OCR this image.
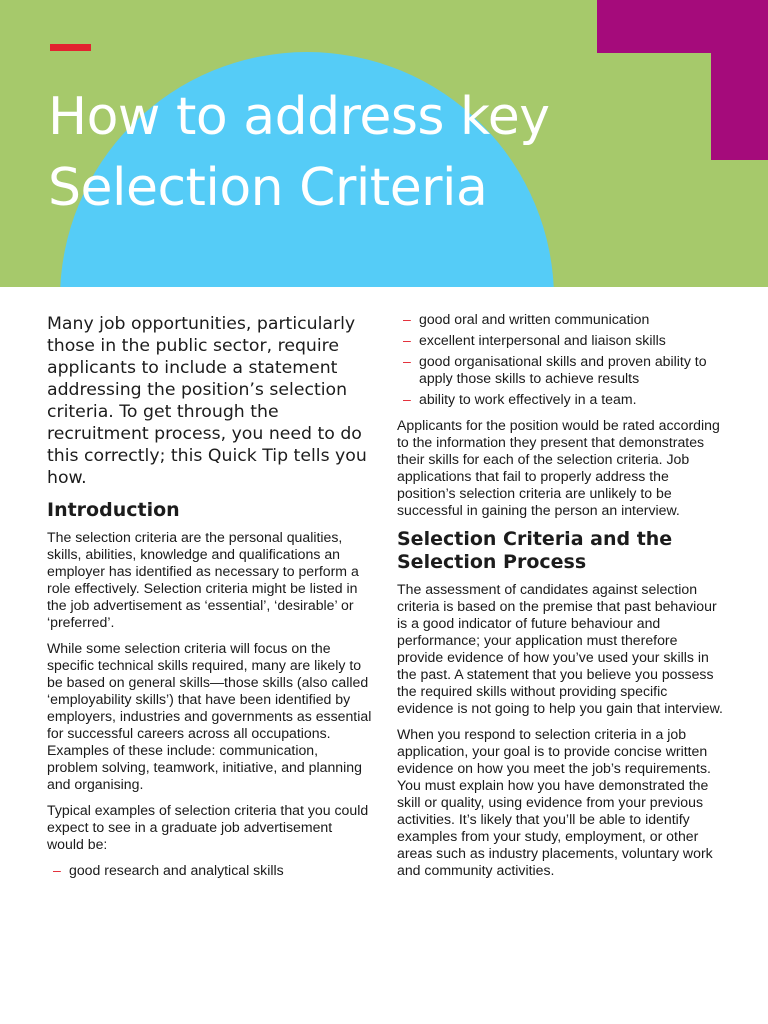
How to address key
Selection Criteria

Many job opportunities, particularly those in the public sector, require applicants to include a statement addressing the position’s selection criteria. To get through the recruitment process, you need to do this correctly; this Quick Tip tells you how.

Introduction

The selection criteria are the personal qualities, skills, abilities, knowledge and qualifications an employer has identified as necessary to perform a role effectively. Selection criteria might be listed in the job advertisement as ‘essential’, ‘desirable’ or ‘preferred’.

While some selection criteria will focus on the specific technical skills required, many are likely to be based on general skills—those skills (also called ‘employability skills’) that have been identified by employers, industries and governments as essential for successful careers across all occupations. Examples of these include: communication, problem solving, teamwork, initiative, and planning and organising.

Typical examples of selection criteria that you could expect to see in a graduate job advertisement would be:

– good research and analytical skills
– good oral and written communication
– excellent interpersonal and liaison skills
– good organisational skills and proven ability to apply those skills to achieve results
– ability to work effectively in a team.

Applicants for the position would be rated according to the information they present that demonstrates their skills for each of the selection criteria. Job applications that fail to properly address the position’s selection criteria are unlikely to be successful in gaining the person an interview.

Selection Criteria and the Selection Process

The assessment of candidates against selection criteria is based on the premise that past behaviour is a good indicator of future behaviour and performance; your application must therefore provide evidence of how you’ve used your skills in the past. A statement that you believe you possess the required skills without providing specific evidence is not going to help you gain that interview.

When you respond to selection criteria in a job application, your goal is to provide concise written evidence on how you meet the job’s requirements. You must explain how you have demonstrated the skill or quality, using evidence from your previous activities. It’s likely that you’ll be able to identify examples from your study, employment, or other areas such as industry placements, voluntary work and community activities.
